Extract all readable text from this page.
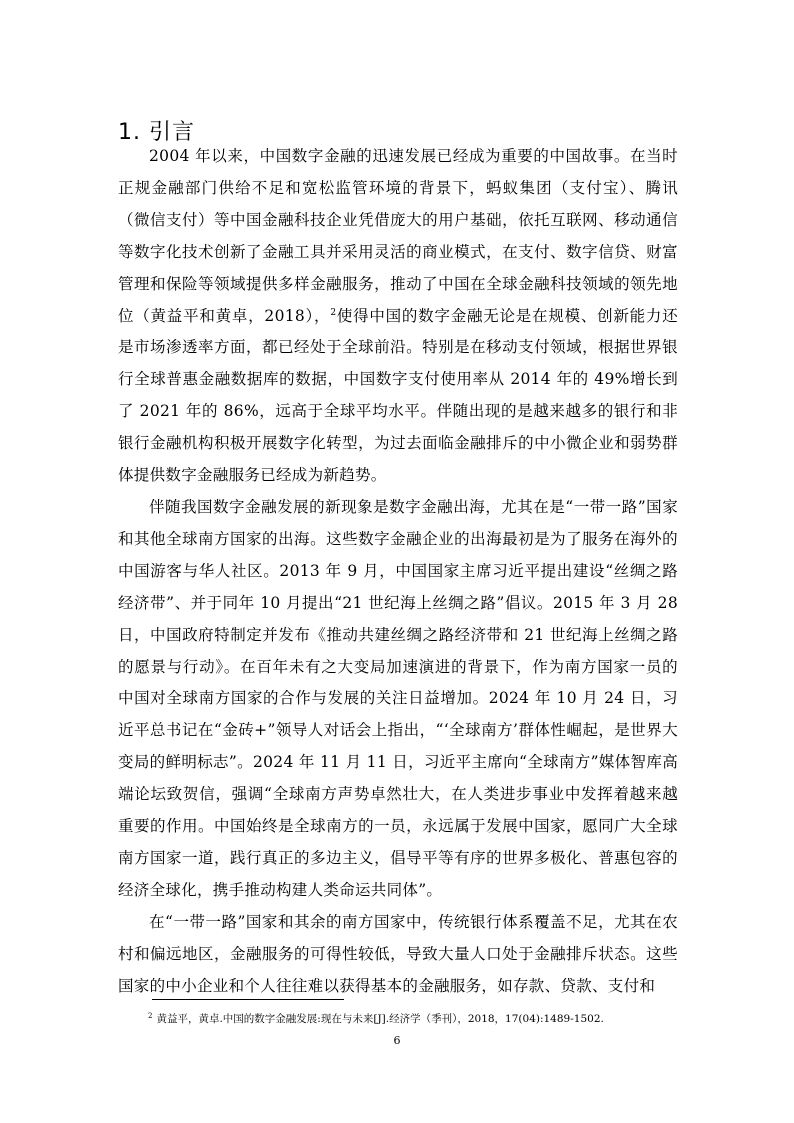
1. 引言

2004 年以来，中国数字金融的迅速发展已经成为重要的中国故事。在当时正规金融部门供给不足和宽松监管环境的背景下，蚂蚁集团（支付宝）、腾讯（微信支付）等中国金融科技企业凭借庞大的用户基础，依托互联网、移动通信等数字化技术创新了金融工具并采用灵活的商业模式，在支付、数字信贷、财富管理和保险等领域提供多样金融服务，推动了中国在全球金融科技领域的领先地位（黄益平和黄卓，2018），$^2$使得中国的数字金融无论是在规模、创新能力还是市场渗透率方面，都已经处于全球前沿。特别是在移动支付领域，根据世界银行全球普惠金融数据库的数据，中国数字支付使用率从 2014 年的 49%增长到了 2021 年的 86%，远高于全球平均水平。伴随出现的是越来越多的银行和非银行金融机构积极开展数字化转型，为过去面临金融排斥的中小微企业和弱势群体提供数字金融服务已经成为新趋势。

伴随我国数字金融发展的新现象是数字金融出海，尤其在是“一带一路”国家和其他全球南方国家的出海。这些数字金融企业的出海最初是为了服务在海外的中国游客与华人社区。2013 年 9 月，中国国家主席习近平提出建设“丝绸之路经济带”、并于同年 10 月提出“21 世纪海上丝绸之路”倡议。2015 年 3 月 28 日，中国政府特制定并发布《推动共建丝绸之路经济带和 21 世纪海上丝绸之路的愿景与行动》。在百年未有之大变局加速演进的背景下，作为南方国家一员的中国对全球南方国家的合作与发展的关注日益增加。2024 年 10 月 24 日，习近平总书记在“金砖+”领导人对话会上指出，“‘全球南方’群体性崛起，是世界大变局的鲜明标志”。2024 年 11 月 11 日，习近平主席向“全球南方”媒体智库高端论坛致贺信，强调“全球南方声势卓然壮大，在人类进步事业中发挥着越来越重要的作用。中国始终是全球南方的一员，永远属于发展中国家，愿同广大全球南方国家一道，践行真正的多边主义，倡导平等有序的世界多极化、普惠包容的经济全球化，携手推动构建人类命运共同体”。

在“一带一路”国家和其余的南方国家中，传统银行体系覆盖不足，尤其在农村和偏远地区，金融服务的可得性较低，导致大量人口处于金融排斥状态。这些国家的中小企业和个人往往难以获得基本的金融服务，如存款、贷款、支付和

$^2$ 黄益平，黄卓.中国的数字金融发展:现在与未来[J].经济学（季刊），2018，17(04):1489-1502.
6
